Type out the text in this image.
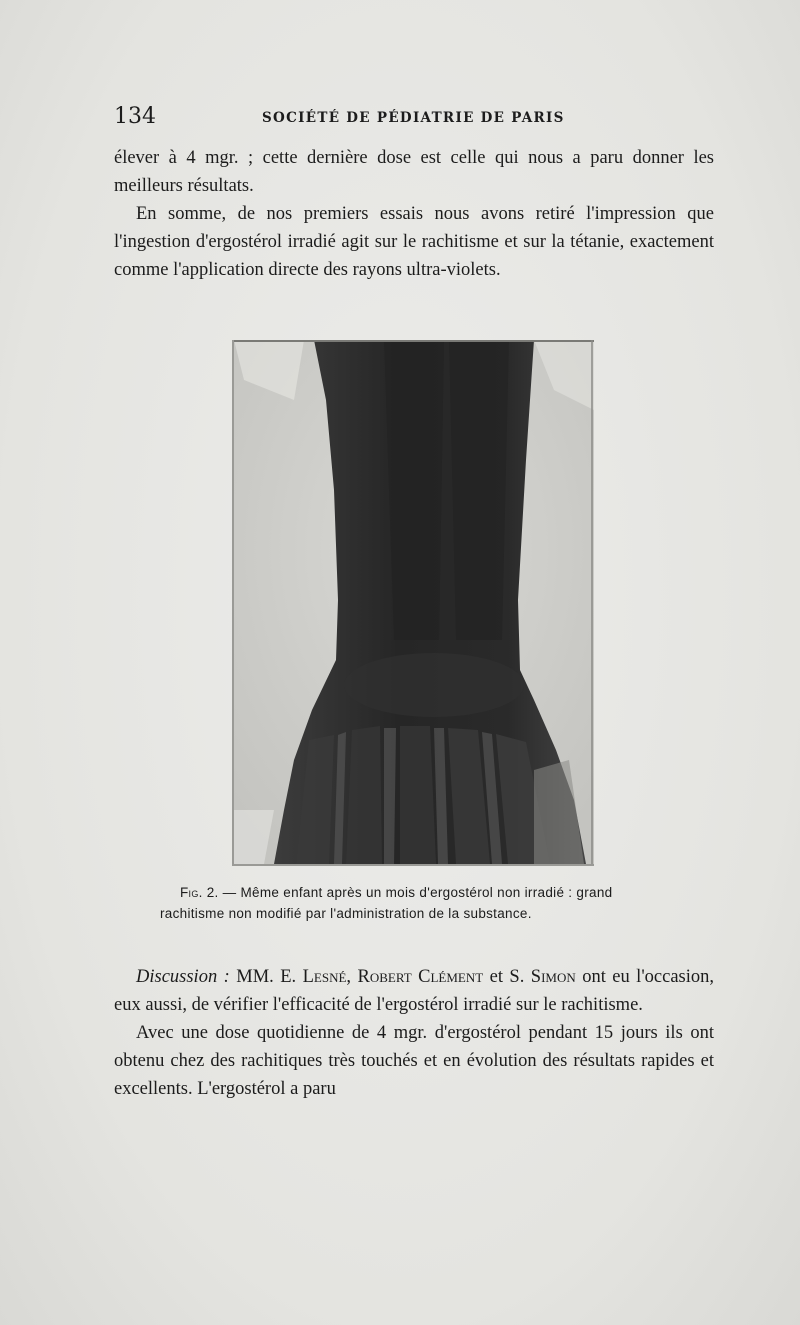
134	SOCIÉTÉ DE PÉDIATRIE DE PARIS

élever à 4 mgr. ; cette dernière dose est celle qui nous a paru donner les meilleurs résultats.

En somme, de nos premiers essais nous avons retiré l'impression que l'ingestion d'ergostérol irradié agit sur le rachitisme et sur la tétanie, exactement comme l'application directe des rayons ultra-violets.

Fig. 2. — Même enfant après un mois d'ergostérol non irradié : grand rachitisme non modifié par l'administration de la substance.

Discussion : MM. E. Lesné, Robert Clément et S. Simon ont eu l'occasion, eux aussi, de vérifier l'efficacité de l'ergostérol irradié sur le rachitisme.

Avec une dose quotidienne de 4 mgr. d'ergostérol pendant 15 jours ils ont obtenu chez des rachitiques très touchés et en évolution des résultats rapides et excellents. L'ergostérol a paru
